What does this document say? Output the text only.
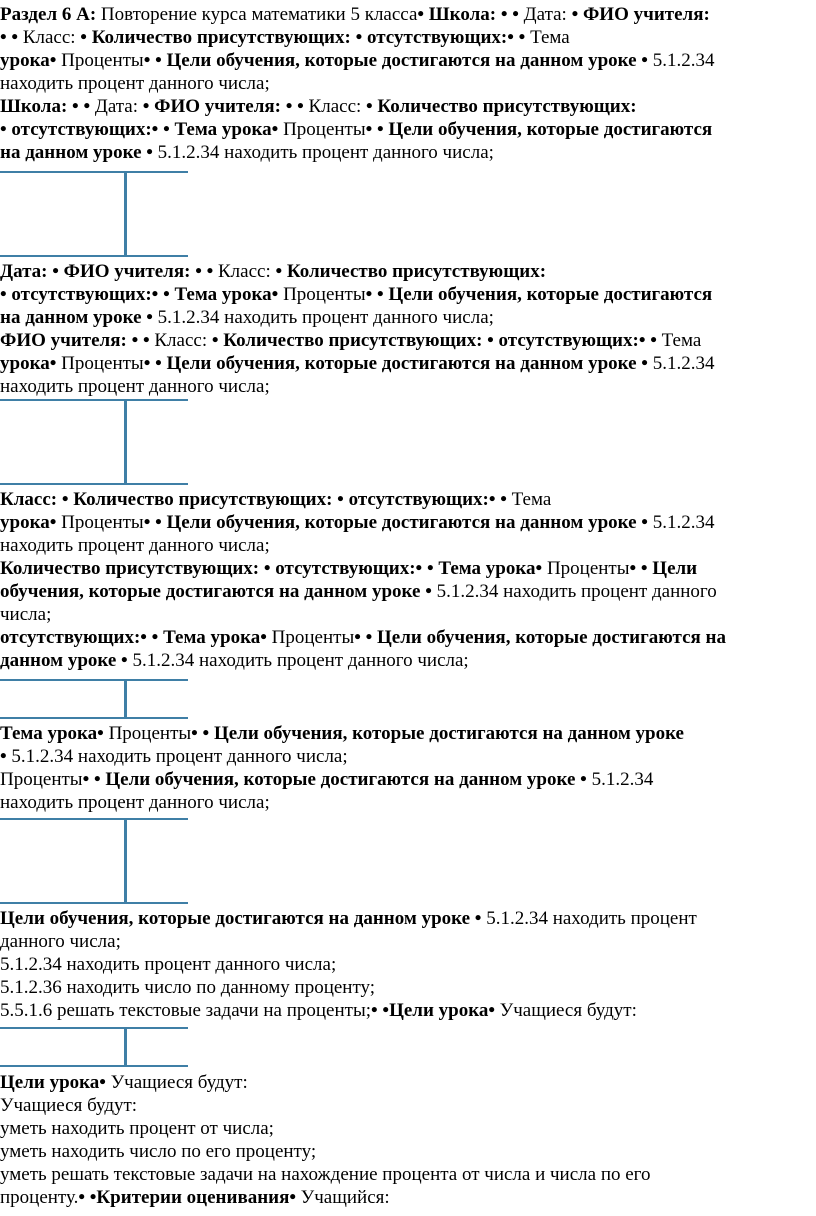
Раздел 6 А: Повторение курса математики 5 класса• Школа: • • Дата: • ФИО учителя:

• • Класс: • Количество присутствующих: • отсутствующих:• • Тема

урока• Проценты• • Цели обучения, которые достигаются на данном уроке • 5.1.2.34

находить процент данного числа;

Школа: • • Дата: • ФИО учителя: • • Класс: • Количество присутствующих:

• отсутствующих:• • Тема урока• Проценты• • Цели обучения, которые достигаются

на данном уроке • 5.1.2.34 находить процент данного числа;

Дата: • ФИО учителя: • • Класс: • Количество присутствующих:

• отсутствующих:• • Тема урока• Проценты• • Цели обучения, которые достигаются

на данном уроке • 5.1.2.34 находить процент данного числа;

ФИО учителя: • • Класс: • Количество присутствующих: • отсутствующих:• • Тема

урока• Проценты• • Цели обучения, которые достигаются на данном уроке • 5.1.2.34

находить процент данного числа;

Класс: • Количество присутствующих: • отсутствующих:• • Тема

урока• Проценты• • Цели обучения, которые достигаются на данном уроке • 5.1.2.34

находить процент данного числа;

Количество присутствующих: • отсутствующих:• • Тема урока• Проценты• • Цели

обучения, которые достигаются на данном уроке • 5.1.2.34 находить процент данного

числа;

отсутствующих:• • Тема урока• Проценты• • Цели обучения, которые достигаются на

данном уроке • 5.1.2.34 находить процент данного числа;

Тема урока• Проценты• • Цели обучения, которые достигаются на данном уроке

• 5.1.2.34 находить процент данного числа;

Проценты• • Цели обучения, которые достигаются на данном уроке • 5.1.2.34

находить процент данного числа;

Цели обучения, которые достигаются на данном уроке • 5.1.2.34 находить процент

данного числа;

5.1.2.34 находить процент данного числа;

5.1.2.36 находить число по данному проценту;

5.5.1.6 решать текстовые задачи на проценты;• •Цели урока• Учащиеся будут:

Цели урока• Учащиеся будут:

Учащиеся будут:

уметь находить процент от числа;

уметь находить число по его проценту;

уметь решать текстовые задачи на нахождение процента от числа и числа по его

проценту.• •Критерии оценивания• Учащийся:
